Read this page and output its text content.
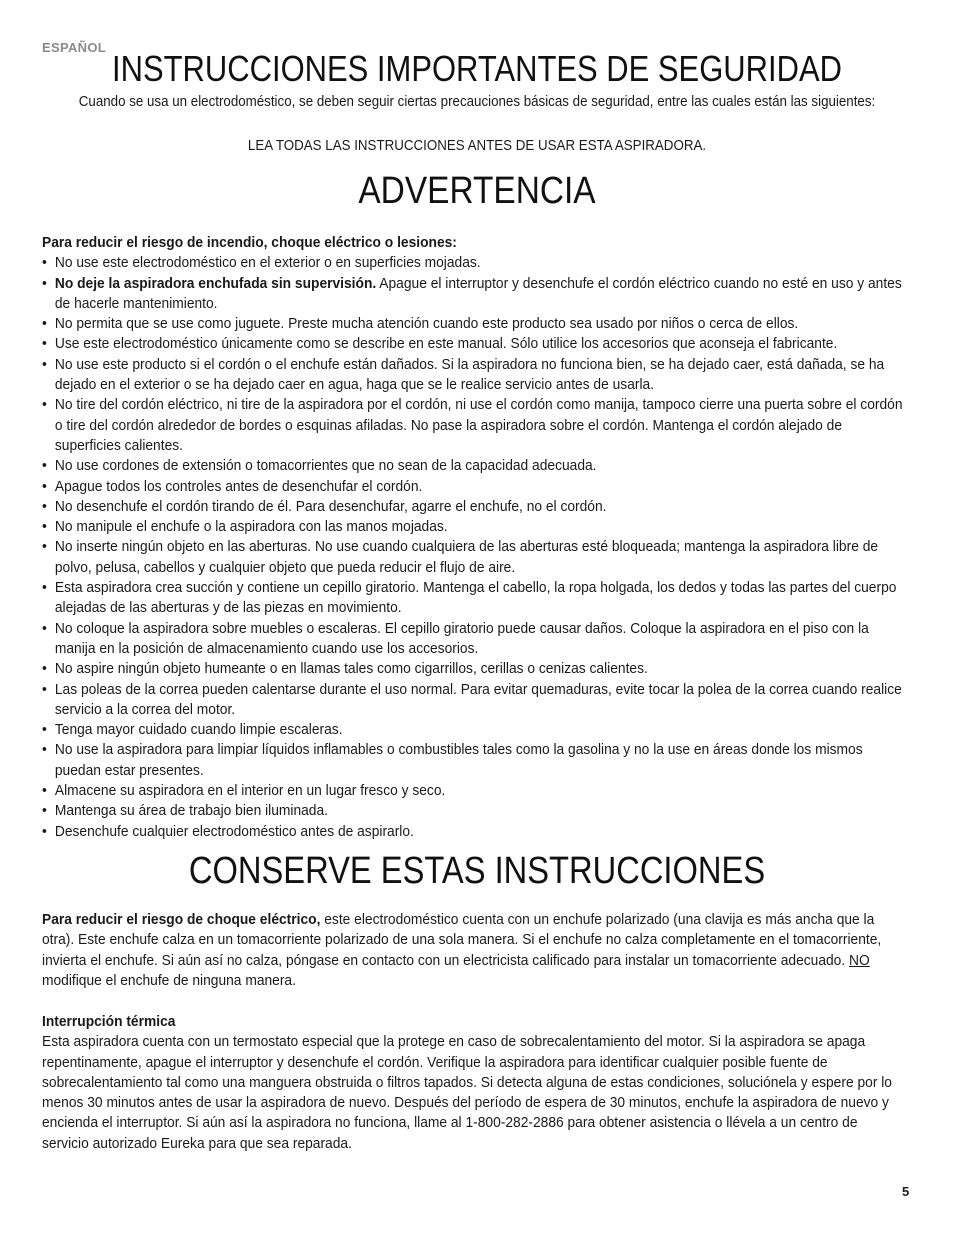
ESPAÑOL
INSTRUCCIONES IMPORTANTES DE SEGURIDAD
Cuando se usa un electrodoméstico, se deben seguir ciertas precauciones básicas de seguridad, entre las cuales están las siguientes:
LEA TODAS LAS INSTRUCCIONES ANTES DE USAR ESTA ASPIRADORA.
ADVERTENCIA

Para reducir el riesgo de incendio, choque eléctrico o lesiones:

• No use este electrodoméstico en el exterior o en superficies mojadas.
• No deje la aspiradora enchufada sin supervisión. Apague el interruptor y desenchufe el cordón eléctrico cuando no esté en uso y antes de hacerle mantenimiento.
• No permita que se use como juguete. Preste mucha atención cuando este producto sea usado por niños o cerca de ellos.
• Use este electrodoméstico únicamente como se describe en este manual. Sólo utilice los accesorios que aconseja el fabricante.
• No use este producto si el cordón o el enchufe están dañados. Si la aspiradora no funciona bien, se ha dejado caer, está dañada, se ha dejado en el exterior o se ha dejado caer en agua, haga que se le realice servicio antes de usarla.
• No tire del cordón eléctrico, ni tire de la aspiradora por el cordón, ni use el cordón como manija, tampoco cierre una puerta sobre el cordón o tire del cordón alrededor de bordes o esquinas afiladas. No pase la aspiradora sobre el cordón. Mantenga el cordón alejado de superficies calientes.
• No use cordones de extensión o tomacorrientes que no sean de la capacidad adecuada.
• Apague todos los controles antes de desenchufar el cordón.
• No desenchufe el cordón tirando de él. Para desenchufar, agarre el enchufe, no el cordón.
• No manipule el enchufe o la aspiradora con las manos mojadas.
• No inserte ningún objeto en las aberturas. No use cuando cualquiera de las aberturas esté bloqueada; mantenga la aspiradora libre de polvo, pelusa, cabellos y cualquier objeto que pueda reducir el flujo de aire.
• Esta aspiradora crea succión y contiene un cepillo giratorio. Mantenga el cabello, la ropa holgada, los dedos y todas las partes del cuerpo alejadas de las aberturas y de las piezas en movimiento.
• No coloque la aspiradora sobre muebles o escaleras. El cepillo giratorio puede causar daños. Coloque la aspiradora en el piso con la manija en la posición de almacenamiento cuando use los accesorios.
• No aspire ningún objeto humeante o en llamas tales como cigarrillos, cerillas o cenizas calientes.
• Las poleas de la correa pueden calentarse durante el uso normal. Para evitar quemaduras, evite tocar la polea de la correa cuando realice servicio a la correa del motor.
• Tenga mayor cuidado cuando limpie escaleras.
• No use la aspiradora para limpiar líquidos inflamables o combustibles tales como la gasolina y no la use en áreas donde los mismos puedan estar presentes.
• Almacene su aspiradora en el interior en un lugar fresco y seco.
• Mantenga su área de trabajo bien iluminada.
• Desenchufe cualquier electrodoméstico antes de aspirarlo.
CONSERVE ESTAS INSTRUCCIONES

Para reducir el riesgo de choque eléctrico, este electrodoméstico cuenta con un enchufe polarizado (una clavija es más ancha que la otra). Este enchufe calza en un tomacorriente polarizado de una sola manera. Si el enchufe no calza completamente en el tomacorriente, invierta el enchufe. Si aún así no calza, póngase en contacto con un electricista calificado para instalar un tomacorriente adecuado. NO modifique el enchufe de ninguna manera.

Interrupción térmica

Esta aspiradora cuenta con un termostato especial que la protege en caso de sobrecalentamiento del motor. Si la aspiradora se apaga repentinamente, apague el interruptor y desenchufe el cordón. Verifique la aspiradora para identificar cualquier posible fuente de sobrecalentamiento tal como una manguera obstruida o filtros tapados. Si detecta alguna de estas condiciones, soluciónela y espere por lo menos 30 minutos antes de usar la aspiradora de nuevo. Después del período de espera de 30 minutos, enchufe la aspiradora de nuevo y encienda el interruptor. Si aún así la aspiradora no funciona, llame al 1-800-282-2886 para obtener asistencia o llévela a un centro de servicio autorizado Eureka para que sea reparada.

5
